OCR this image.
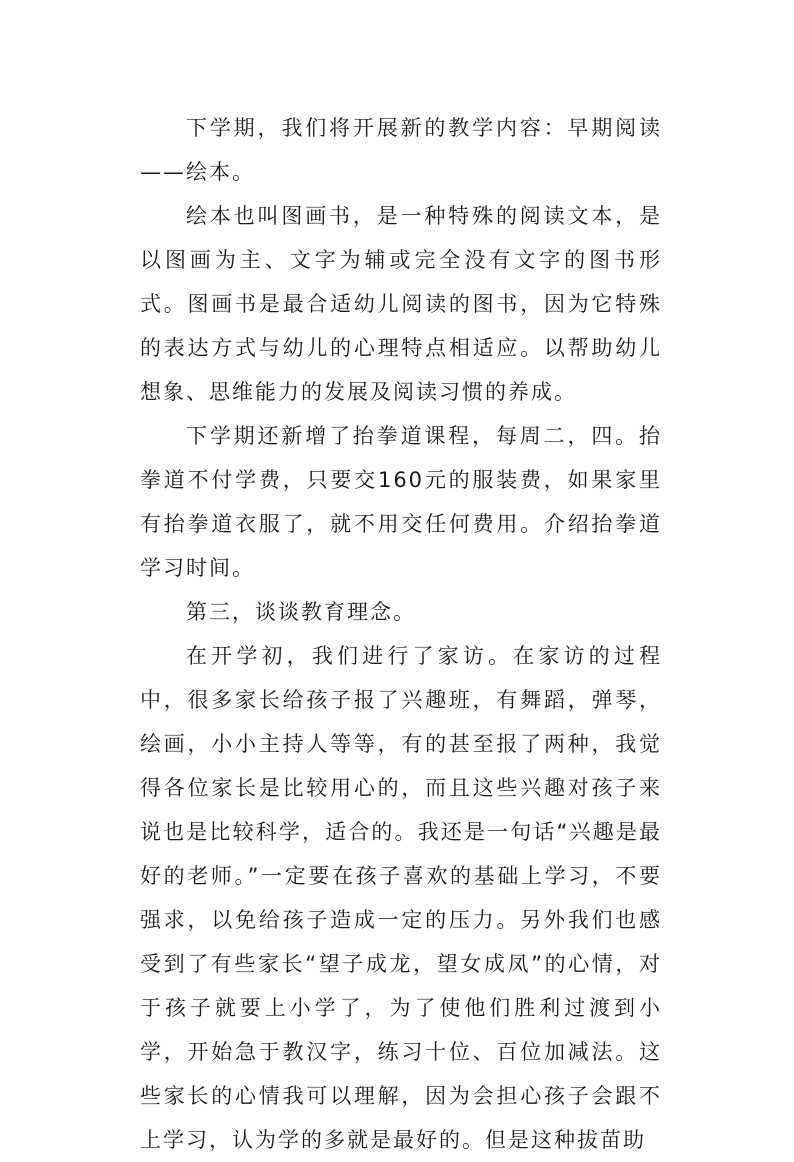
下学期，我们将开展新的教学内容：早期阅读——绘本。

绘本也叫图画书，是一种特殊的阅读文本，是以图画为主、文字为辅或完全没有文字的图书形式。图画书是最合适幼儿阅读的图书，因为它特殊的表达方式与幼儿的心理特点相适应。以帮助幼儿想象、思维能力的发展及阅读习惯的养成。

下学期还新增了抬拳道课程，每周二，四。抬拳道不付学费，只要交160元的服装费，如果家里有抬拳道衣服了，就不用交任何费用。介绍抬拳道学习时间。

第三，谈谈教育理念。

在开学初，我们进行了家访。在家访的过程中，很多家长给孩子报了兴趣班，有舞蹈，弹琴，绘画，小小主持人等等，有的甚至报了两种，我觉得各位家长是比较用心的，而且这些兴趣对孩子来说也是比较科学，适合的。我还是一句话“兴趣是最好的老师。”一定要在孩子喜欢的基础上学习，不要强求，以免给孩子造成一定的压力。另外我们也感受到了有些家长“望子成龙，望女成凤”的心情，对于孩子就要上小学了，为了使他们胜利过渡到小学，开始急于教汉字，练习十位、百位加减法。这些家长的心情我可以理解，因为会担心孩子会跟不上学习，认为学的多就是最好的。但是这种拔苗助
